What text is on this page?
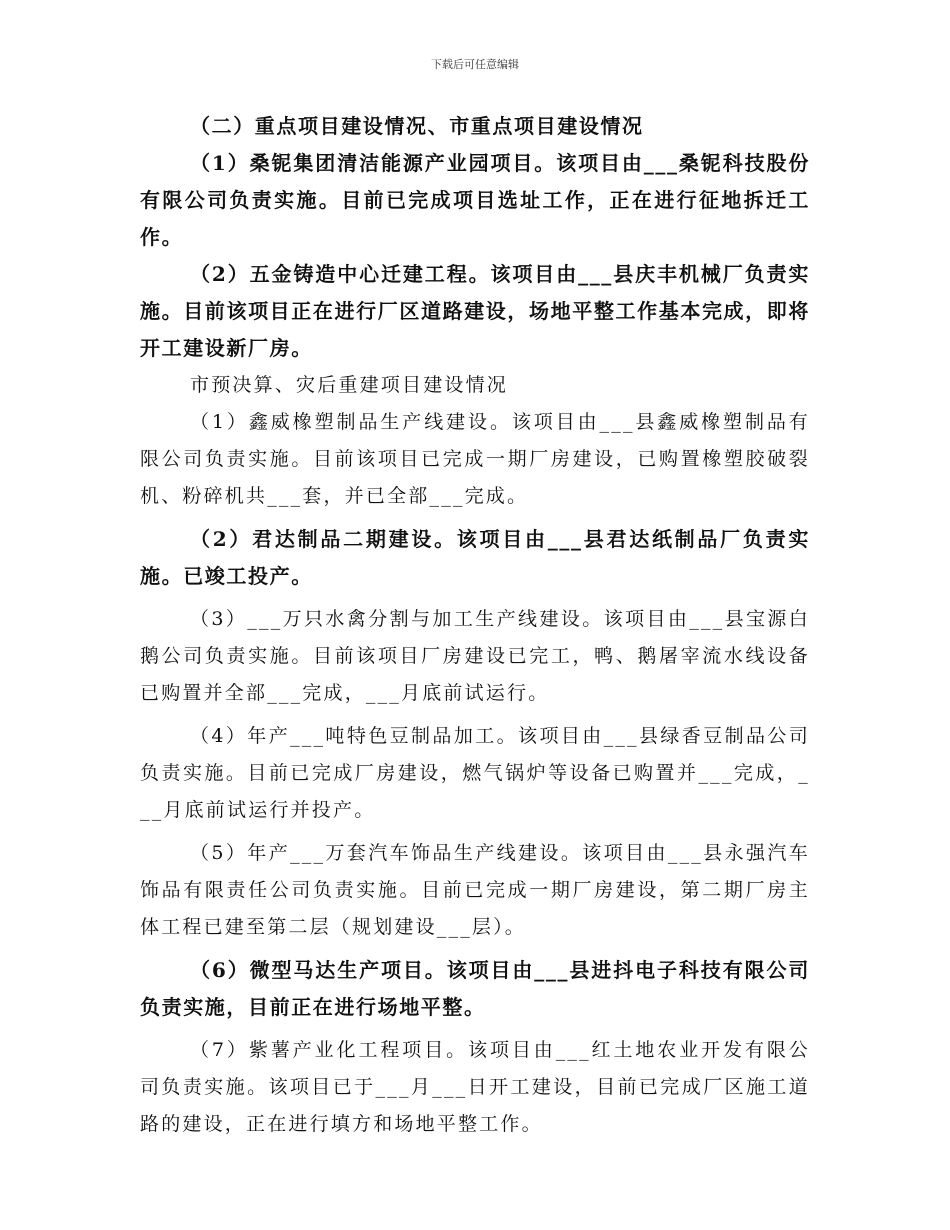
下载后可任意编辑

（二）重点项目建设情况、市重点项目建设情况

（1）桑铌集团清洁能源产业园项目。该项目由___桑铌科技股份有限公司负责实施。目前已完成项目选址工作，正在进行征地拆迁工作。

（2）五金铸造中心迁建工程。该项目由___县庆丰机械厂负责实施。目前该项目正在进行厂区道路建设，场地平整工作基本完成，即将开工建设新厂房。

市预决算、灾后重建项目建设情况

（1）鑫威橡塑制品生产线建设。该项目由___县鑫威橡塑制品有限公司负责实施。目前该项目已完成一期厂房建设，已购置橡塑胶破裂机、粉碎机共___套，并已全部___完成。

（2）君达制品二期建设。该项目由___县君达纸制品厂负责实施。已竣工投产。

（3）___万只水禽分割与加工生产线建设。该项目由___县宝源白鹅公司负责实施。目前该项目厂房建设已完工，鸭、鹅屠宰流水线设备已购置并全部___完成，___月底前试运行。

（4）年产___吨特色豆制品加工。该项目由___县绿香豆制品公司负责实施。目前已完成厂房建设，燃气锅炉等设备已购置并___完成，___月底前试运行并投产。

（5）年产___万套汽车饰品生产线建设。该项目由___县永强汽车饰品有限责任公司负责实施。目前已完成一期厂房建设，第二期厂房主体工程已建至第二层（规划建设___层）。

（6）微型马达生产项目。该项目由___县进抖电子科技有限公司负责实施，目前正在进行场地平整。

（7）紫薯产业化工程项目。该项目由___红土地农业开发有限公司负责实施。该项目已于___月___日开工建设，目前已完成厂区施工道路的建设，正在进行填方和场地平整工作。
